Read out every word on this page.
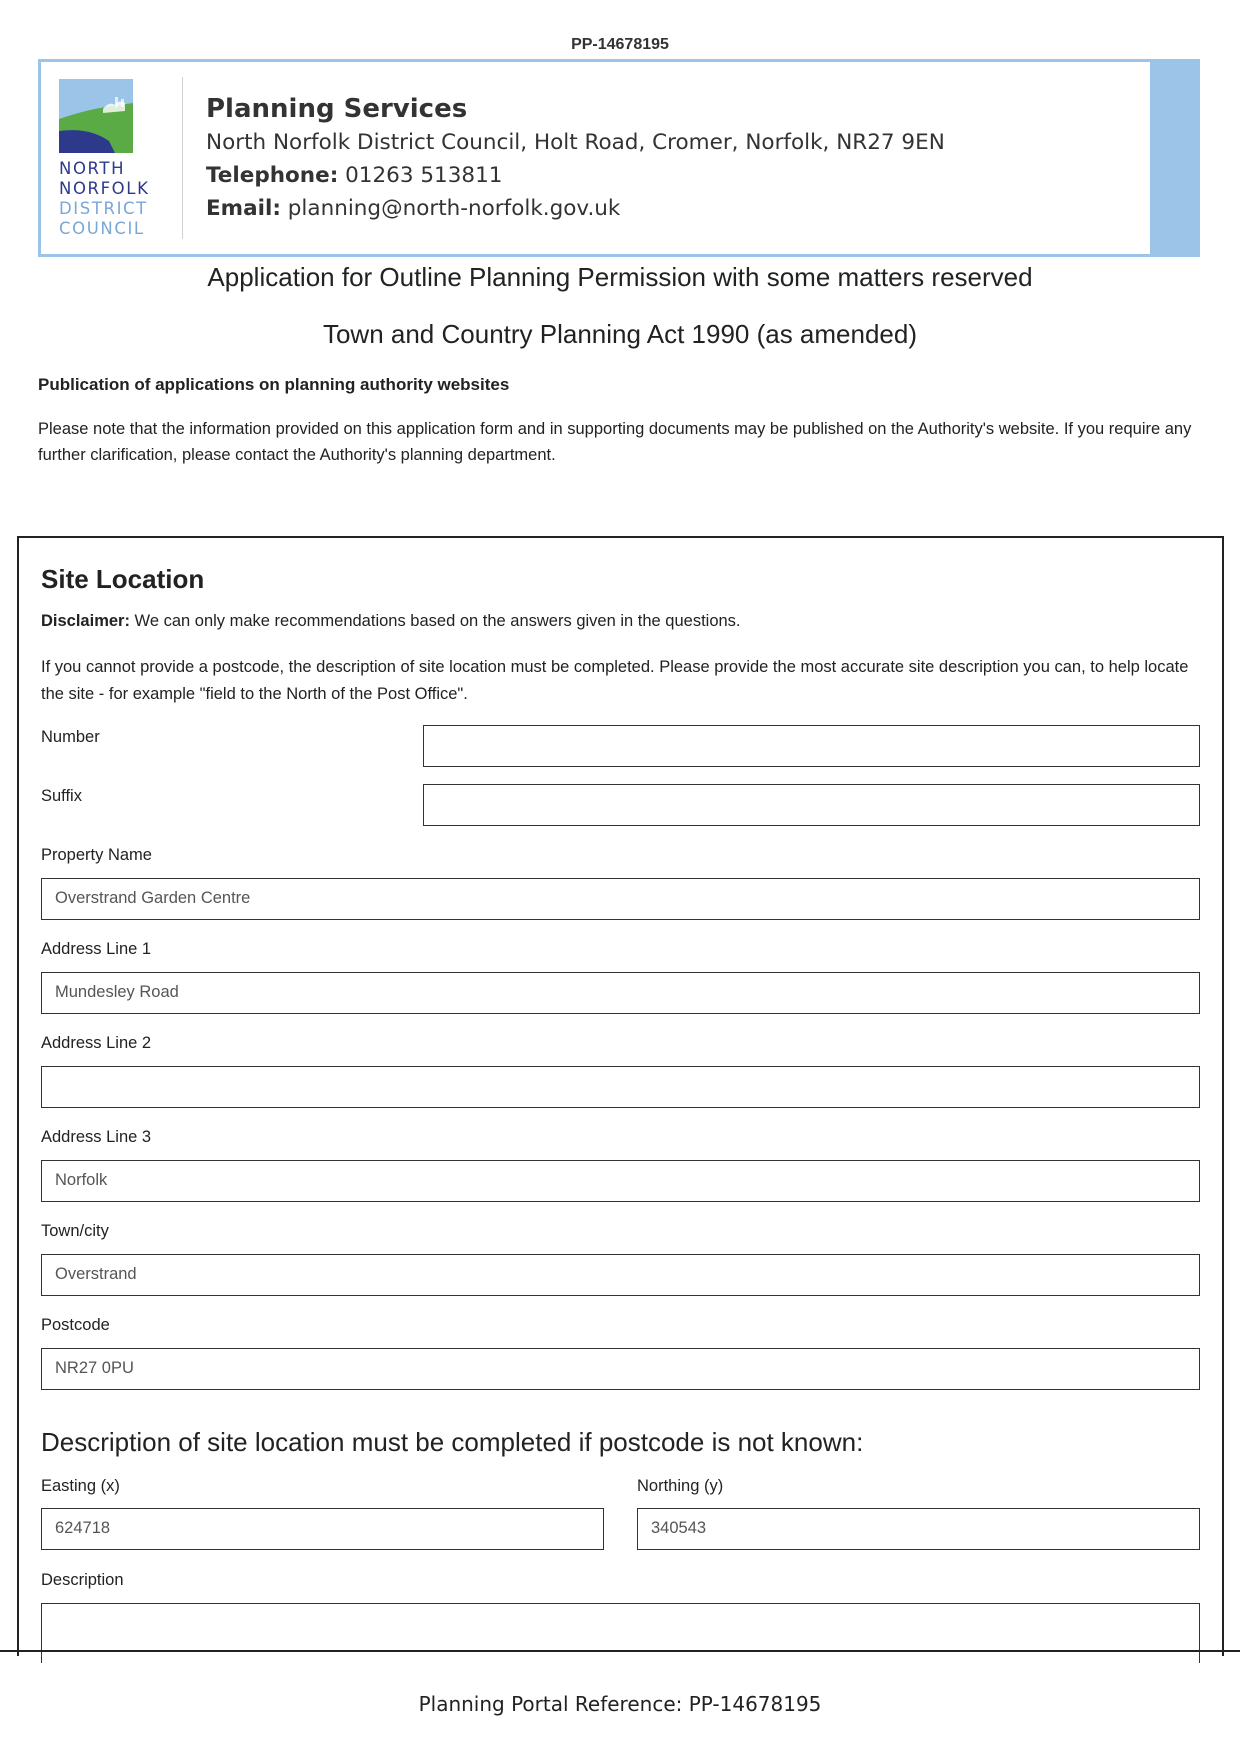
PP-14678195
NORTH
NORFOLK
DISTRICT
COUNCIL
Planning Services
North Norfolk District Council, Holt Road, Cromer, Norfolk, NR27 9EN
Telephone: 01263 513811
Email: planning@north-norfolk.gov.uk
Application for Outline Planning Permission with some matters reserved
Town and Country Planning Act 1990 (as amended)
Publication of applications on planning authority websites
Please note that the information provided on this application form and in supporting documents may be published on the Authority's website. If you require any further clarification, please contact the Authority's planning department.
Site Location
Disclaimer: We can only make recommendations based on the answers given in the questions.
If you cannot provide a postcode, the description of site location must be completed. Please provide the most accurate site description you can, to help locate the site - for example "field to the North of the Post Office".
Number
Suffix
Property Name
Overstrand Garden Centre
Address Line 1
Mundesley Road
Address Line 2
Address Line 3
Norfolk
Town/city
Overstrand
Postcode
NR27 0PU
Description of site location must be completed if postcode is not known:
Easting (x)
624718
Northing (y)
340543
Description
Planning Portal Reference: PP-14678195
